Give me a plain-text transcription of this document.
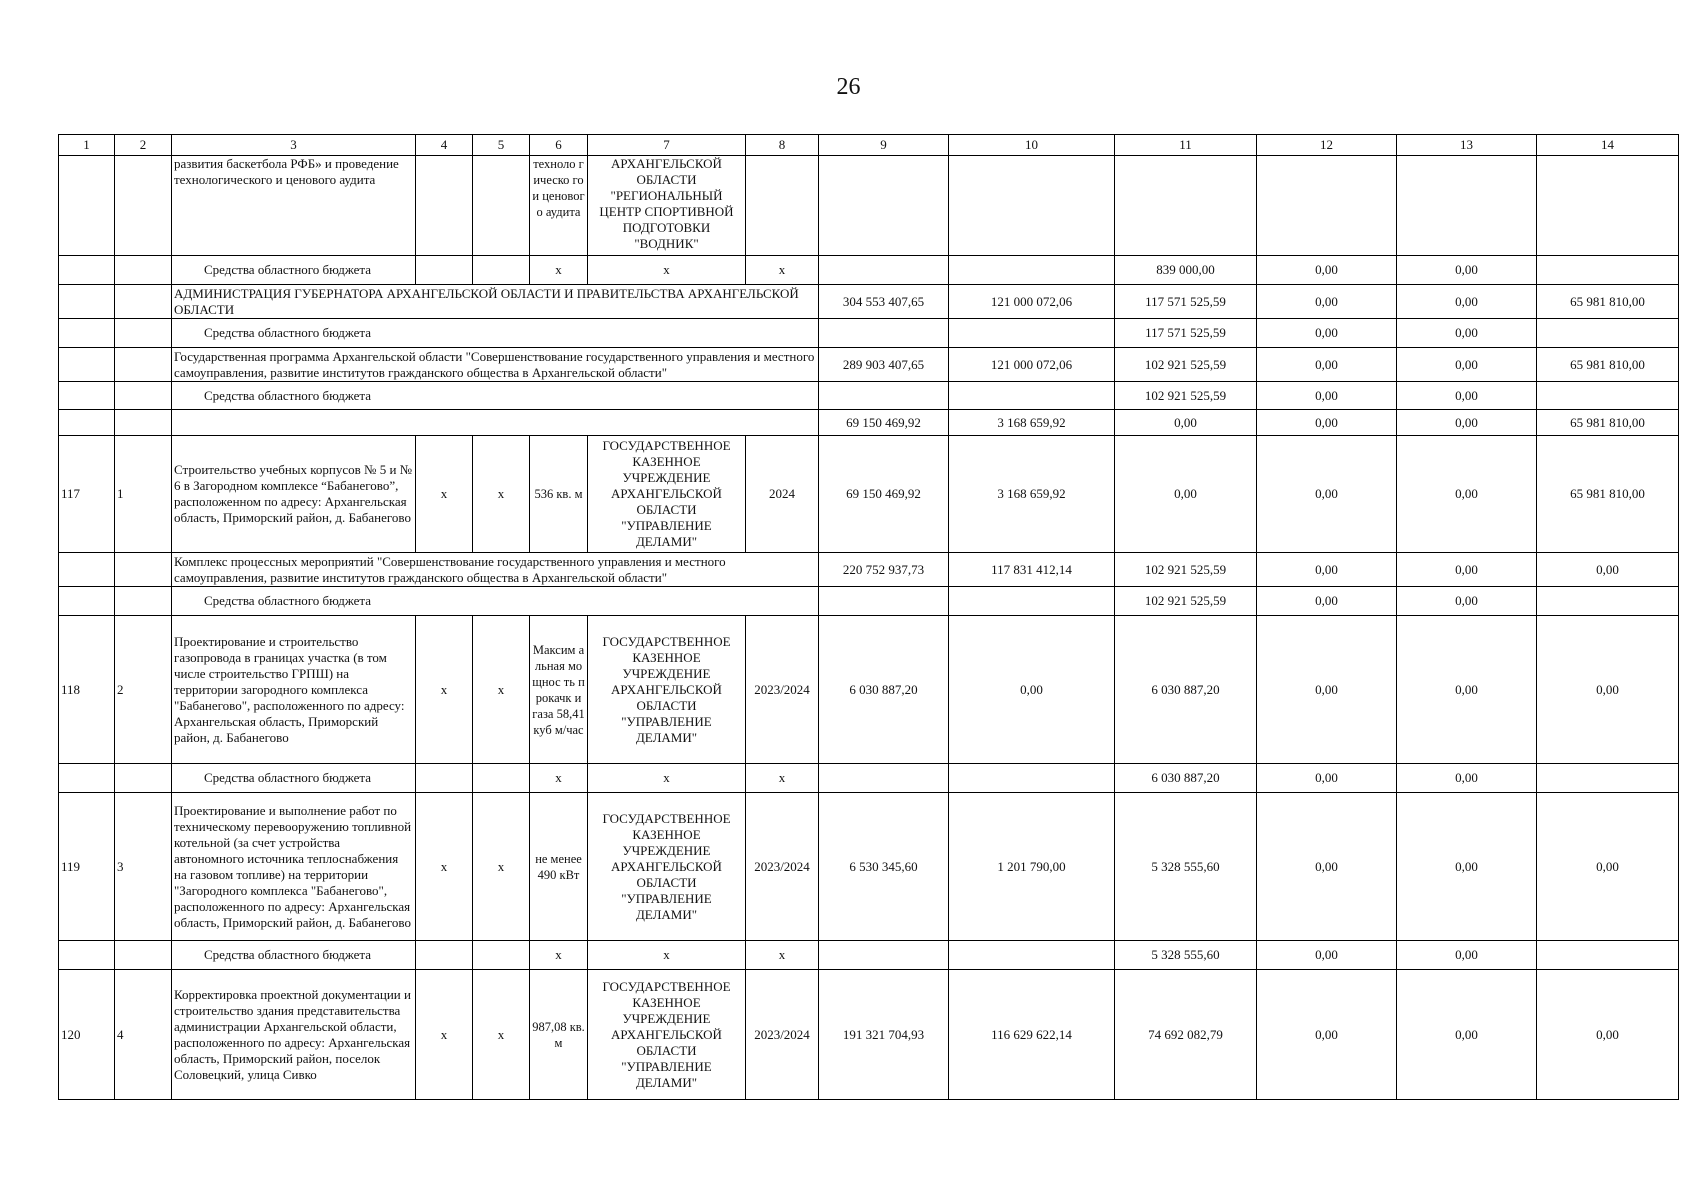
26
1	2	3	4	5	6	7	8	9	10	11	12	13	14
		развития баскетбола РФБ» и проведение технологического и ценового аудита			техноло гическо го и ценовог о аудита	АРХАНГЕЛЬСКОЙ ОБЛАСТИ "РЕГИОНАЛЬНЫЙ ЦЕНТР СПОРТИВНОЙ ПОДГОТОВКИ "ВОДНИК"							
		Средства областного бюджета			x	x	x			839 000,00	0,00	0,00	
		АДМИНИСТРАЦИЯ ГУБЕРНАТОРА АРХАНГЕЛЬСКОЙ ОБЛАСТИ И ПРАВИТЕЛЬСТВА АРХАНГЕЛЬСКОЙ ОБЛАСТИ						304 553 407,65	121 000 072,06	117 571 525,59	0,00	0,00	65 981 810,00
		Средства областного бюджета								117 571 525,59	0,00	0,00	
		Государственная программа Архангельской области "Совершенствование государственного управления и местного самоуправления, развитие институтов гражданского общества в Архангельской области"						289 903 407,65	121 000 072,06	102 921 525,59	0,00	0,00	65 981 810,00
		Средства областного бюджета								102 921 525,59	0,00	0,00	
								69 150 469,92	3 168 659,92	0,00	0,00	0,00	65 981 810,00
117	1	Строительство учебных корпусов № 5 и № 6 в Загородном комплексе “Бабанегово”, расположенном по адресу: Архангельская область, Приморский район, д. Бабанегово	x	x	536 кв. м	ГОСУДАРСТВЕННОЕ КАЗЕННОЕ УЧРЕЖДЕНИЕ АРХАНГЕЛЬСКОЙ ОБЛАСТИ "УПРАВЛЕНИЕ ДЕЛАМИ"	2024	69 150 469,92	3 168 659,92	0,00	0,00	0,00	65 981 810,00
		Комплекс процессных мероприятий "Совершенствование государственного управления и местного самоуправления, развитие институтов гражданского общества в Архангельской области"						220 752 937,73	117 831 412,14	102 921 525,59	0,00	0,00	0,00
		Средства областного бюджета								102 921 525,59	0,00	0,00	
118	2	Проектирование и строительство газопровода в границах участка (в том числе строительство ГРПШ) на территории загородного комплекса "Бабанегово", расположенного по адресу: Архангельская область, Приморский район, д. Бабанегово	x	x	Максим альная мощнос ть прокачк и газа 58,41 куб м/час	ГОСУДАРСТВЕННОЕ КАЗЕННОЕ УЧРЕЖДЕНИЕ АРХАНГЕЛЬСКОЙ ОБЛАСТИ "УПРАВЛЕНИЕ ДЕЛАМИ"	2023/2024	6 030 887,20	0,00	6 030 887,20	0,00	0,00	0,00
		Средства областного бюджета			x	x	x			6 030 887,20	0,00	0,00	
119	3	Проектирование и выполнение работ по техническому перевооружению топливной котельной (за счет устройства автономного источника теплоснабжения на газовом топливе) на территории "Загородного комплекса "Бабанегово", расположенного по адресу: Архангельская область, Приморский район, д. Бабанегово	x	x	не менее 490 кВт	ГОСУДАРСТВЕННОЕ КАЗЕННОЕ УЧРЕЖДЕНИЕ АРХАНГЕЛЬСКОЙ ОБЛАСТИ "УПРАВЛЕНИЕ ДЕЛАМИ"	2023/2024	6 530 345,60	1 201 790,00	5 328 555,60	0,00	0,00	0,00
		Средства областного бюджета			x	x	x			5 328 555,60	0,00	0,00	
120	4	Корректировка проектной документации и строительство здания представительства администрации Архангельской области, расположенного по адресу: Архангельская область, Приморский район, поселок Соловецкий, улица Сивко	x	x	987,08 кв. м	ГОСУДАРСТВЕННОЕ КАЗЕННОЕ УЧРЕЖДЕНИЕ АРХАНГЕЛЬСКОЙ ОБЛАСТИ "УПРАВЛЕНИЕ ДЕЛАМИ"	2023/2024	191 321 704,93	116 629 622,14	74 692 082,79	0,00	0,00	0,00
